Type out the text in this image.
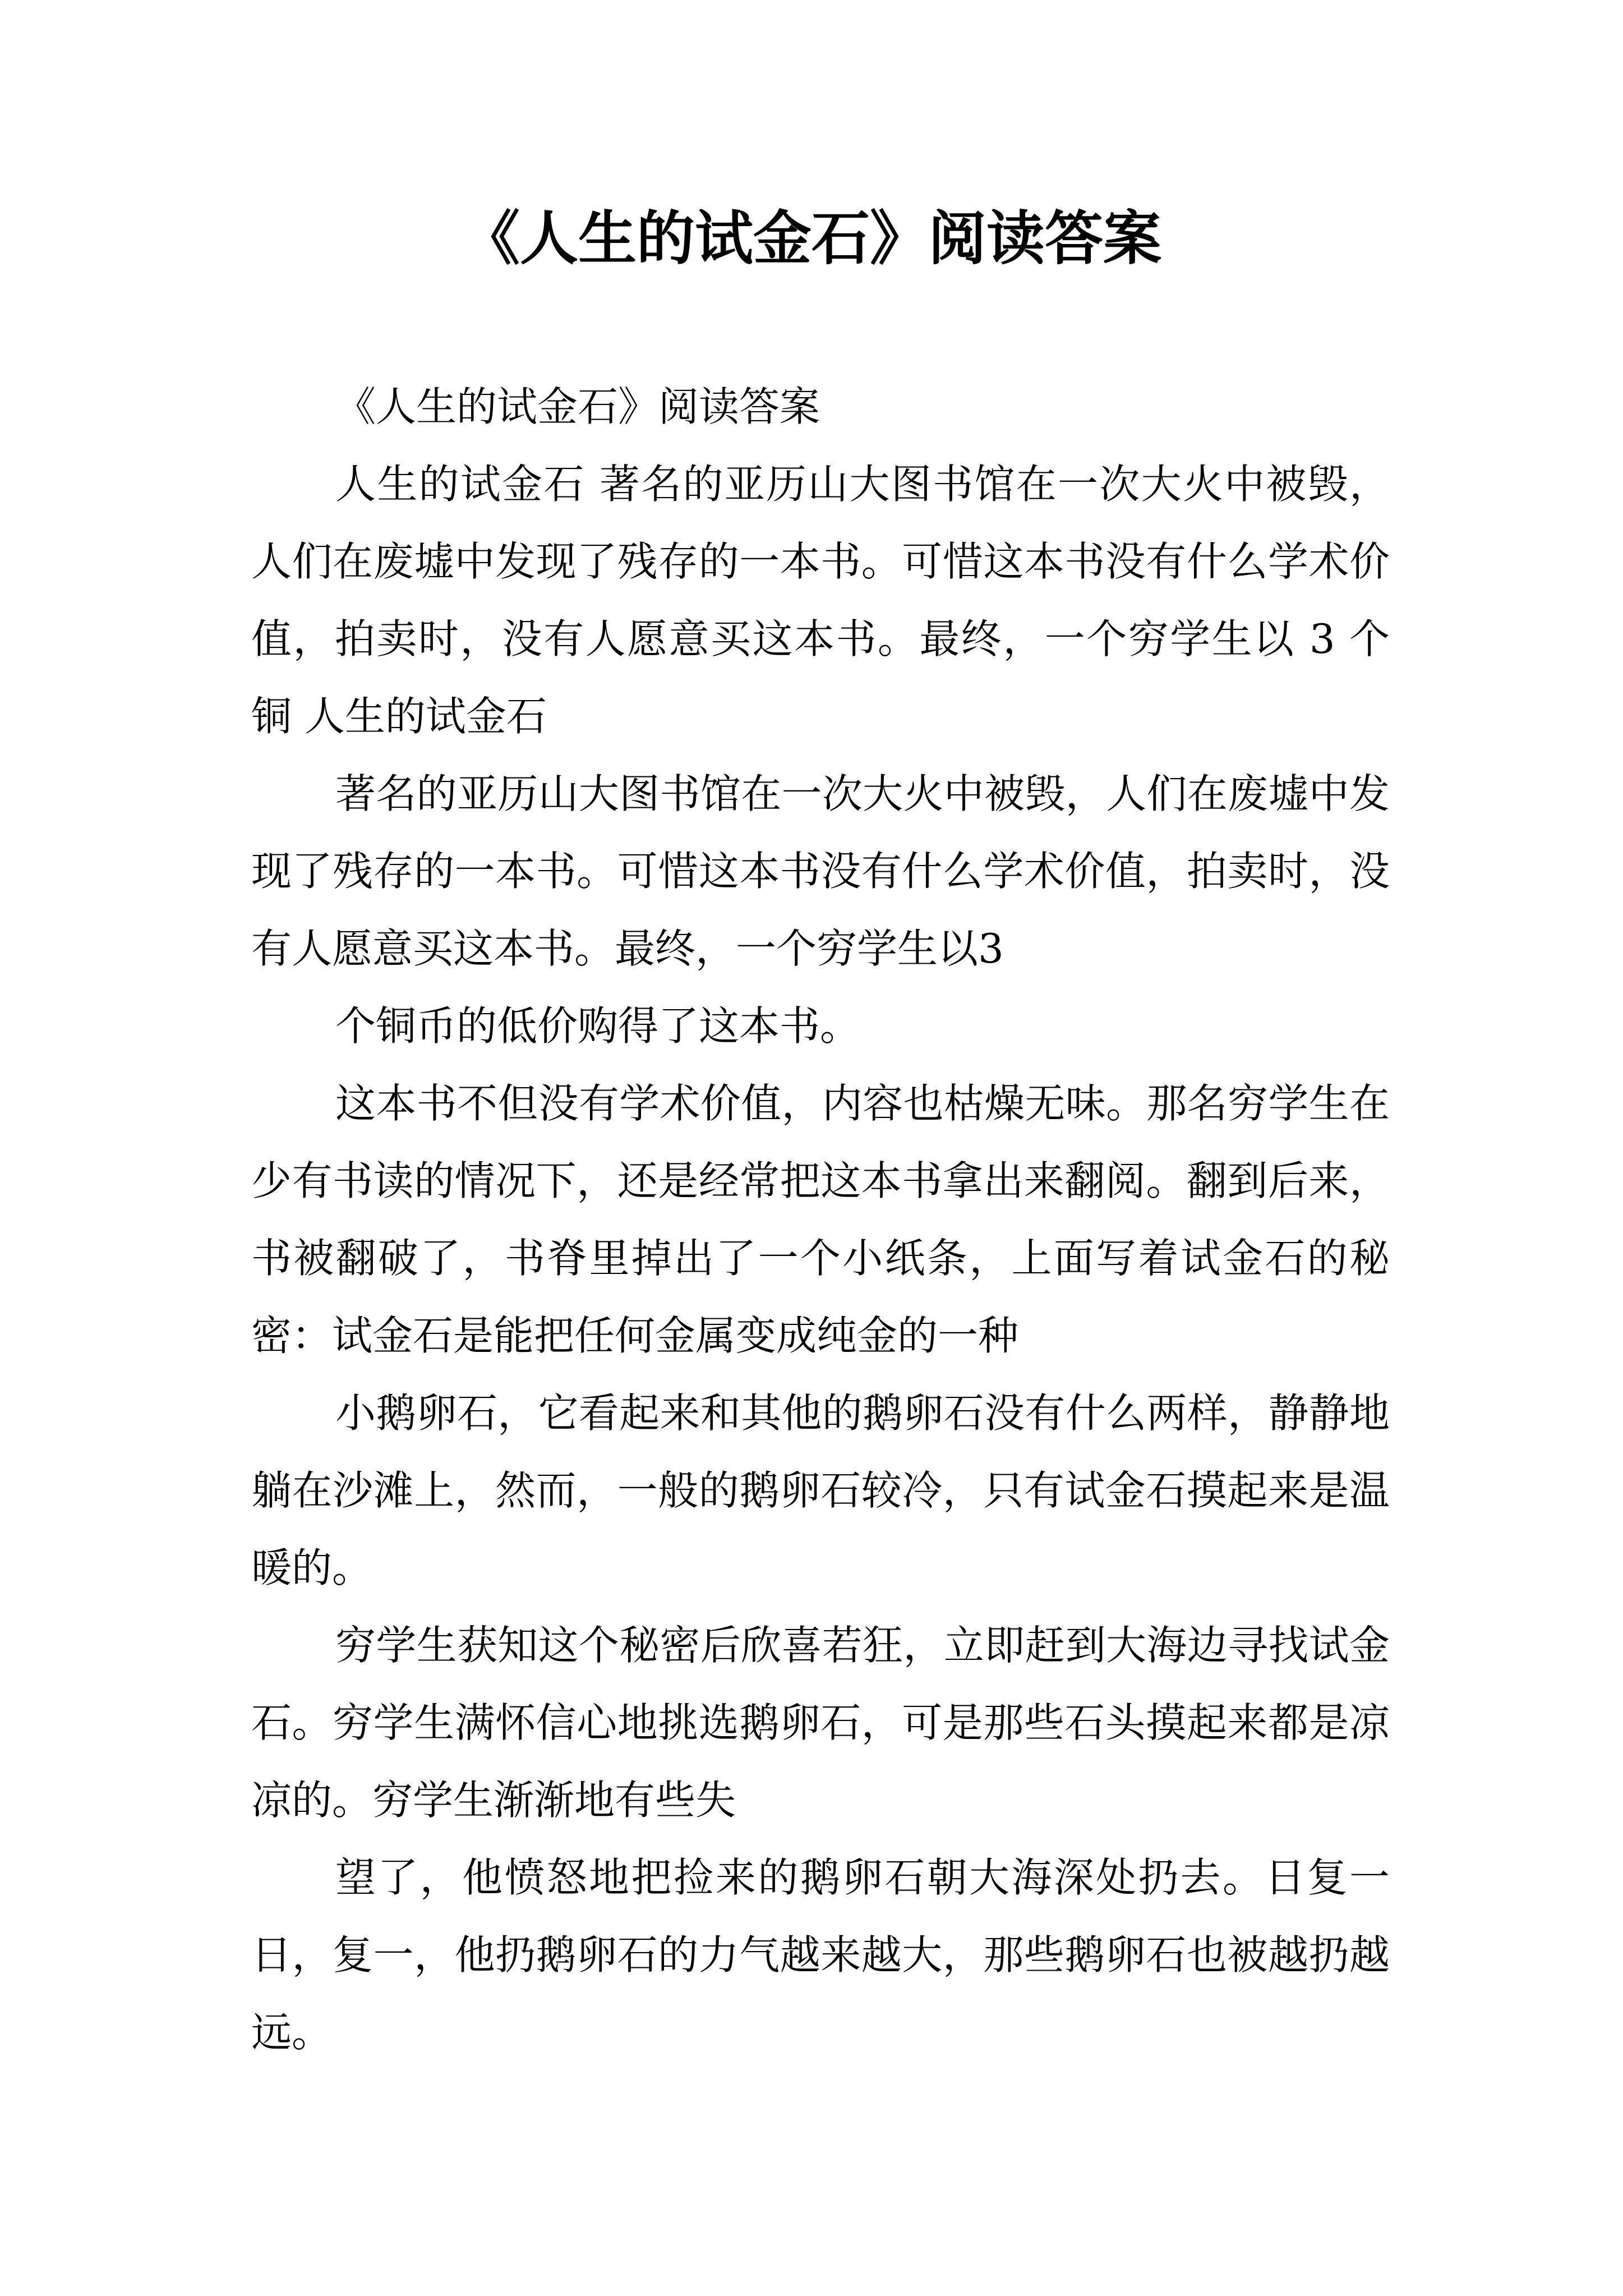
《人生的试金石》阅读答案

《人生的试金石》阅读答案

人生的试金石 著名的亚历山大图书馆在一次大火中被毁，人们在废墟中发现了残存的一本书。可惜这本书没有什么学术价值，拍卖时，没有人愿意买这本书。最终，一个穷学生以 3 个铜 人生的试金石

著名的亚历山大图书馆在一次大火中被毁，人们在废墟中发现了残存的一本书。可惜这本书没有什么学术价值，拍卖时，没有人愿意买这本书。最终，一个穷学生以3

个铜币的低价购得了这本书。

这本书不但没有学术价值，内容也枯燥无味。那名穷学生在少有书读的情况下，还是经常把这本书拿出来翻阅。翻到后来，书被翻破了，书脊里掉出了一个小纸条，上面写着试金石的秘密：试金石是能把任何金属变成纯金的一种

小鹅卵石，它看起来和其他的鹅卵石没有什么两样，静静地躺在沙滩上，然而，一般的鹅卵石较冷，只有试金石摸起来是温暖的。

穷学生获知这个秘密后欣喜若狂，立即赶到大海边寻找试金石。穷学生满怀信心地挑选鹅卵石，可是那些石头摸起来都是凉凉的。穷学生渐渐地有些失

望了，他愤怒地把捡来的鹅卵石朝大海深处扔去。日复一日，复一，他扔鹅卵石的力气越来越大，那些鹅卵石也被越扔越远。
